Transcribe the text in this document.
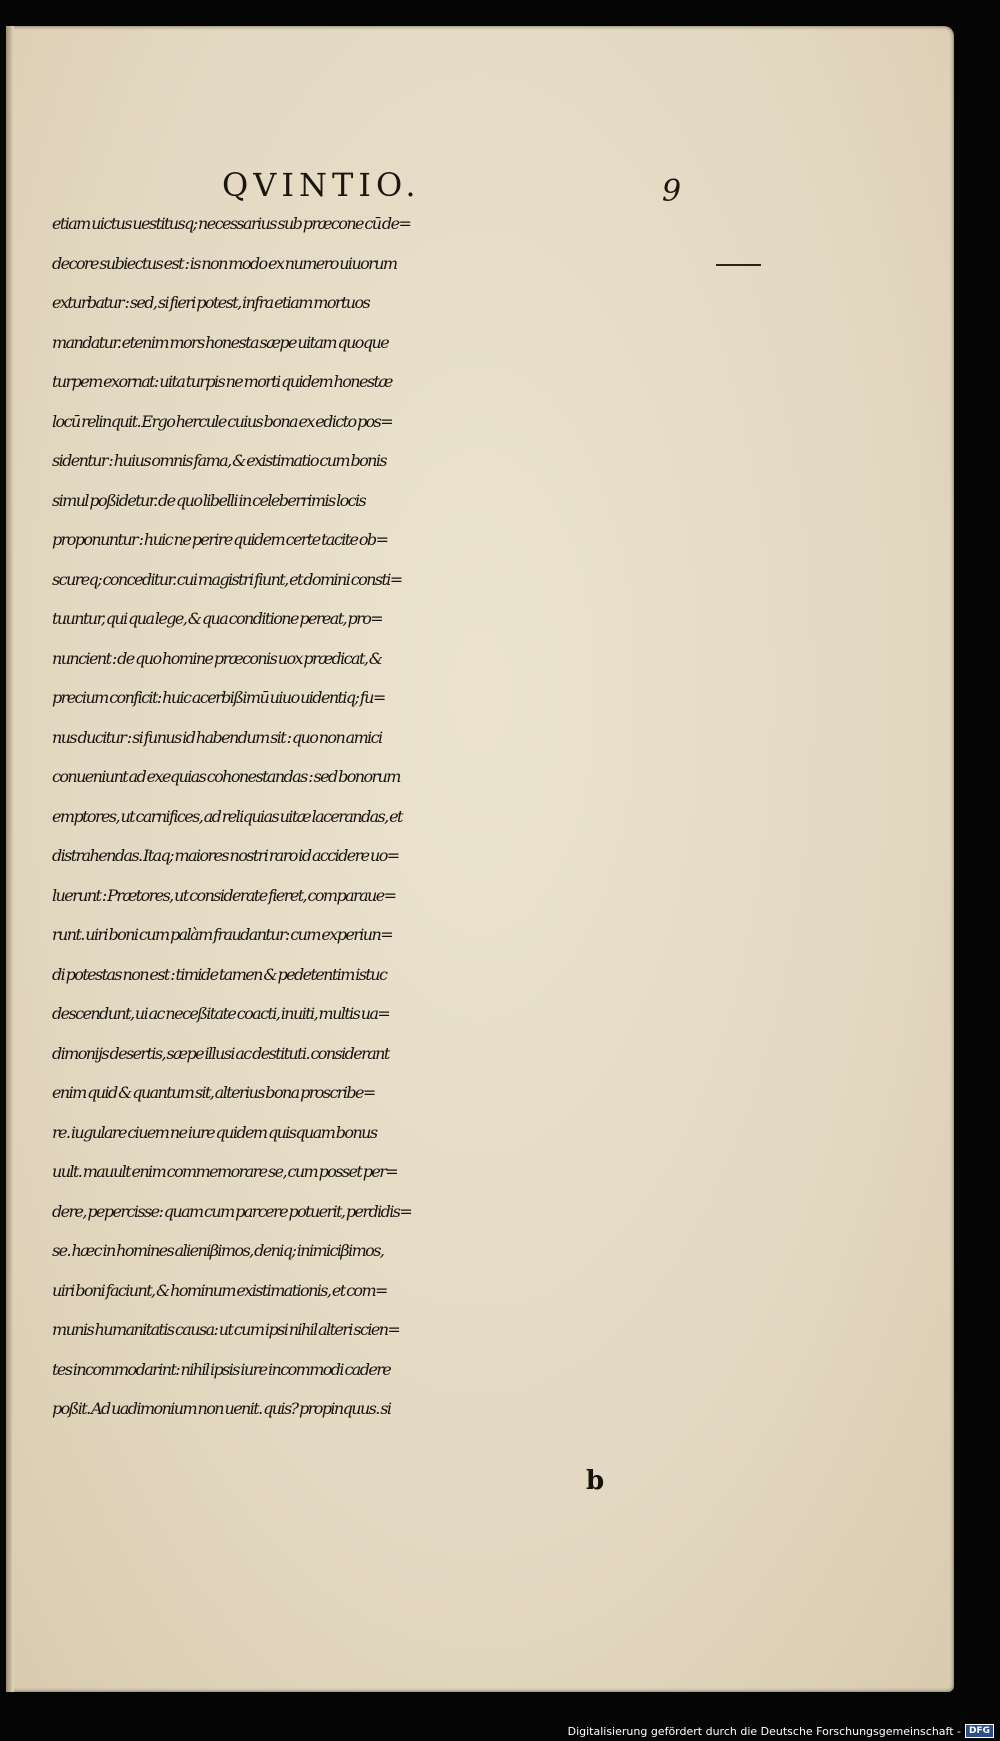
QVINTIO.	9
etiam uictus uestitusq; necessarius sub præcone cū de=
decore subiectus est : is non modo ex numero uiuorum
exturbatur : sed, si fieri potest, infra etiam mortuos
mandatur. etenim mors honesta sæpe uitam quoque
turpem exornat: uita turpis ne morti quidem honestæ
locū relinquit. Ergo hercule cuius bona ex edicto pos=
sidentur : huius omnis fama, & existimatio cum bonis
simul poßidetur. de quo libelli in celeberrimis locis
proponuntur : huic ne perire quidem certe tacite ob=
scureq; conceditur. cui magistri fiunt, et domini consti=
tuuntur, qui qua lege, & qua conditione pereat, pro=
nuncient : de quo homine præconis uox prædicat, &
precium conficit: huic acerbißimū uiuo uidentiq; fu=
nus ducitur : si funus id habendum sit : quo non amici
conueniunt ad exequias cohonestandas : sed bonorum
emptores, ut carnifices, ad reliquias uitæ lacerandas, et
distrahendas. Itaq; maiores nostri raro id accidere uo=
luerunt : Prætores, ut considerate fieret, comparaue=
runt. uiri boni cum palàm fraudantur: cum experiun=
di potestas non est : timide tamen & pedetentim istuc
descendunt, ui ac neceßitate coacti, inuiti, multis ua=
dimonijs desertis, sæpe illusi ac destituti. considerant
enim quid & quantum sit, alterius bona proscribe=
re. iugulare ciuem ne iure quidem quisquam bonus
uult. mauult enim commemorare se, cum posset per=
dere, pepercisse: quam cum parcere potuerit, perdidis=
se. hæc in homines alieniβimos, deniq; inimiciβimos,
uiri boni faciunt, & hominum existimationis, et com=
munis humanitatis causa: ut cum ipsi nihil alteri scien=
tes incommodarint: nihil ipsis iure incommodi cadere
poßit. Ad uadimonium non uenit. quis? propinquus. si
b
Digitalisierung gefördert durch die Deutsche Forschungsgemeinschaft - DFG
